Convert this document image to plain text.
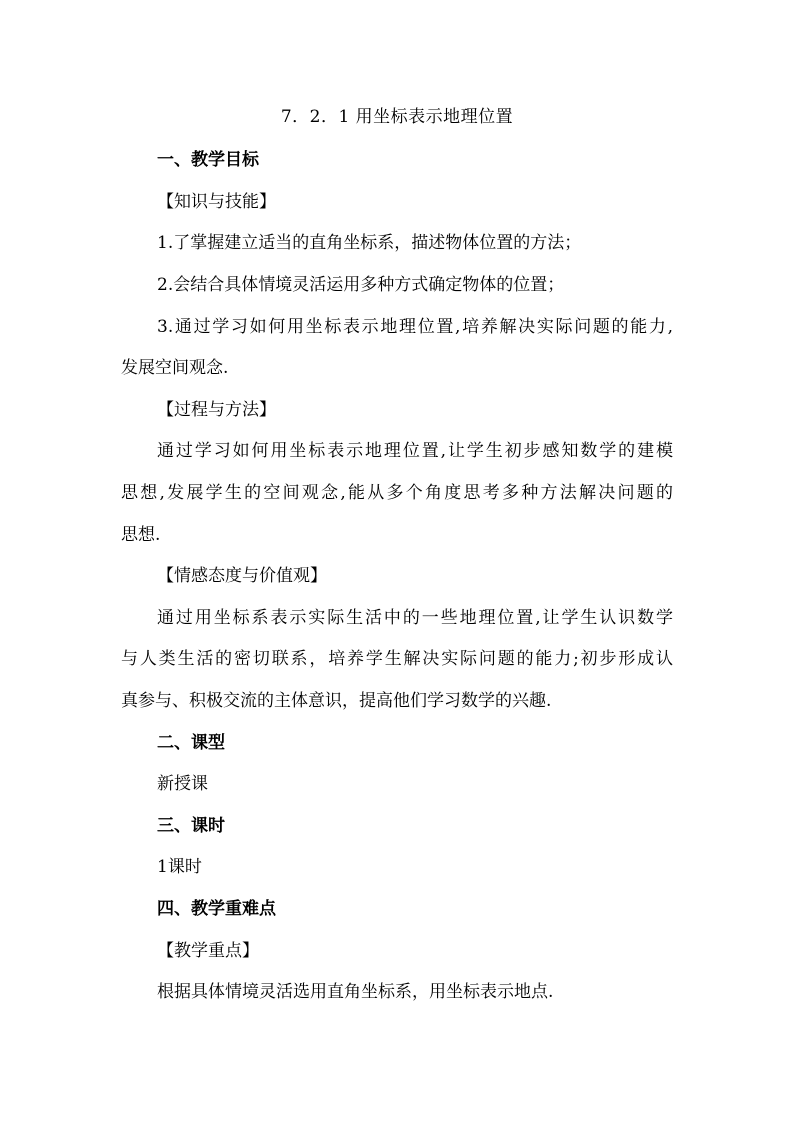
7．2．1 用坐标表示地理位置
一、教学目标
【知识与技能】
1.了掌握建立适当的直角坐标系，描述物体位置的方法；
2.会结合具体情境灵活运用多种方式确定物体的位置；
3.通过学习如何用坐标表示地理位置,培养解决实际问题的能力,
发展空间观念.
【过程与方法】
通过学习如何用坐标表示地理位置,让学生初步感知数学的建模
思想,发展学生的空间观念,能从多个角度思考多种方法解决问题的
思想.
【情感态度与价值观】
通过用坐标系表示实际生活中的一些地理位置,让学生认识数学
与人类生活的密切联系，培养学生解决实际问题的能力;初步形成认
真参与、积极交流的主体意识，提高他们学习数学的兴趣.
二、课型
新授课
三、课时
1课时
四、教学重难点
【教学重点】
根据具体情境灵活选用直角坐标系，用坐标表示地点.
